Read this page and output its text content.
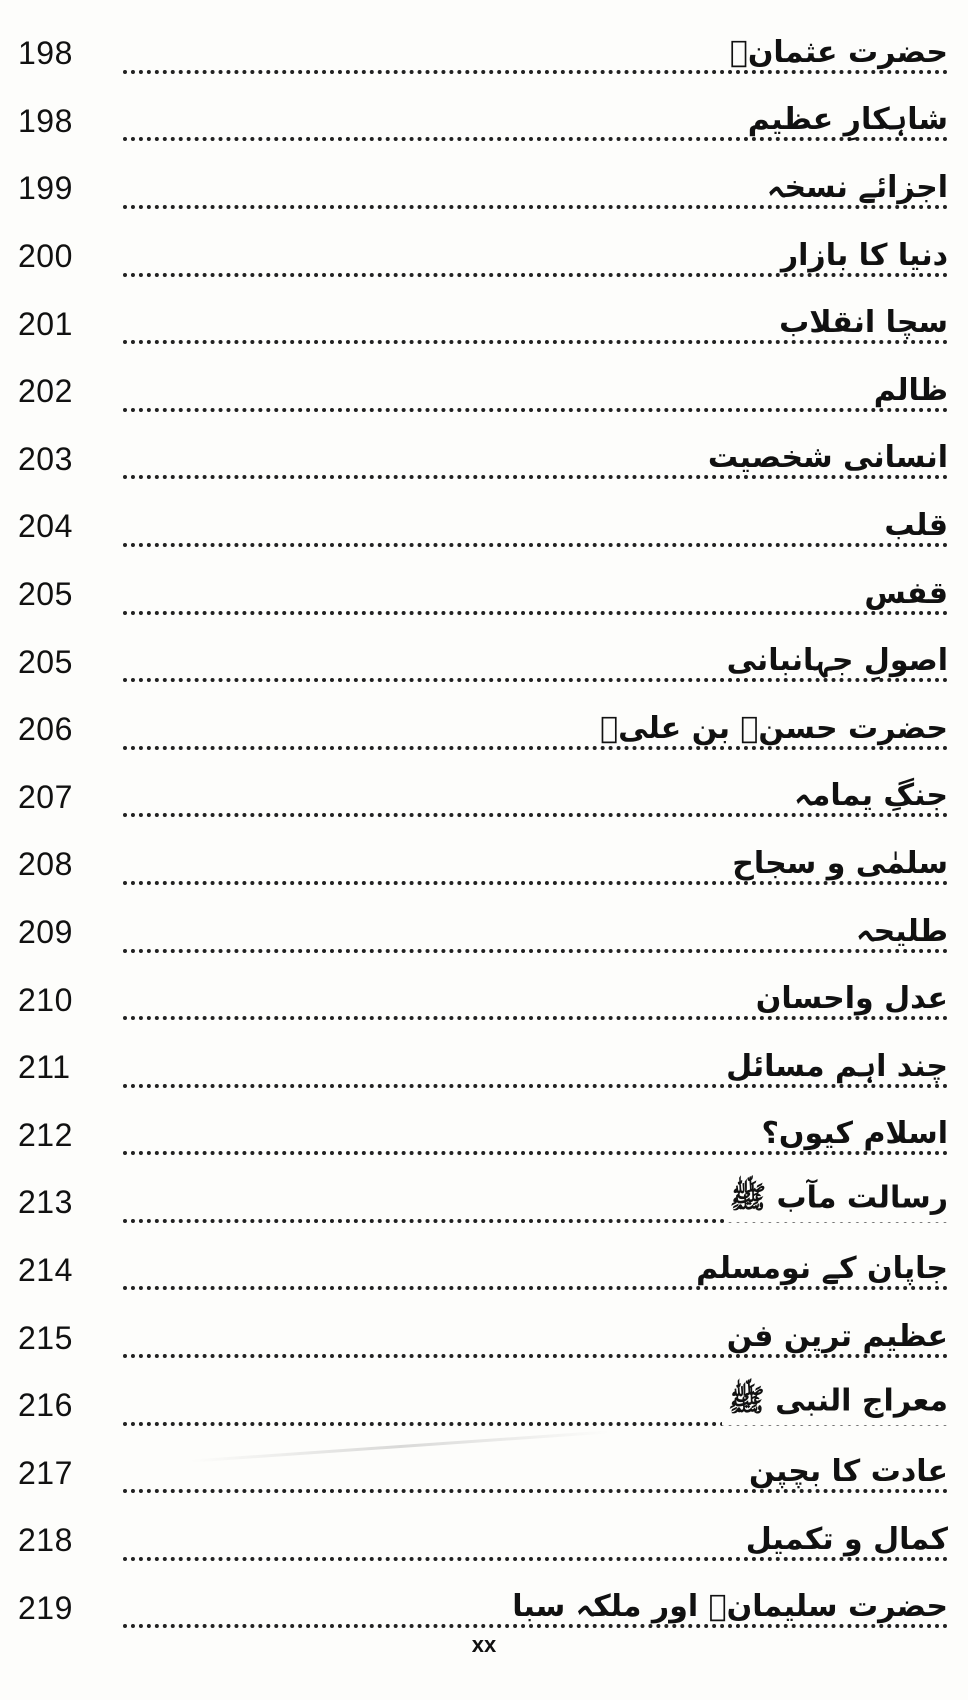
198	حضرت عثمانؓ
198	شاہکارِ عظیم
199	اجزائے نسخہ
200	دنیا کا بازار
201	سچا انقلاب
202	ظالم
203	انسانی شخصیت
204	قلب
205	قفس
205	اصولِ جہانبانی
206	حضرت حسنؓ بن علیؓ
207	جنگِ یمامہ
208	سلمٰی و سجاح
209	طلیحہ
210	عدل واحسان
211	چند اہم مسائل
212	اسلام کیوں؟
213	رسالت مآب ﷺ
214	جاپان کے نومسلم
215	عظیم ترین فن
216	معراج النبی ﷺ
217	عادت کا بچپن
218	کمال و تکمیل
219	حضرت سلیمانؑ اور ملکہ سبا
xx
